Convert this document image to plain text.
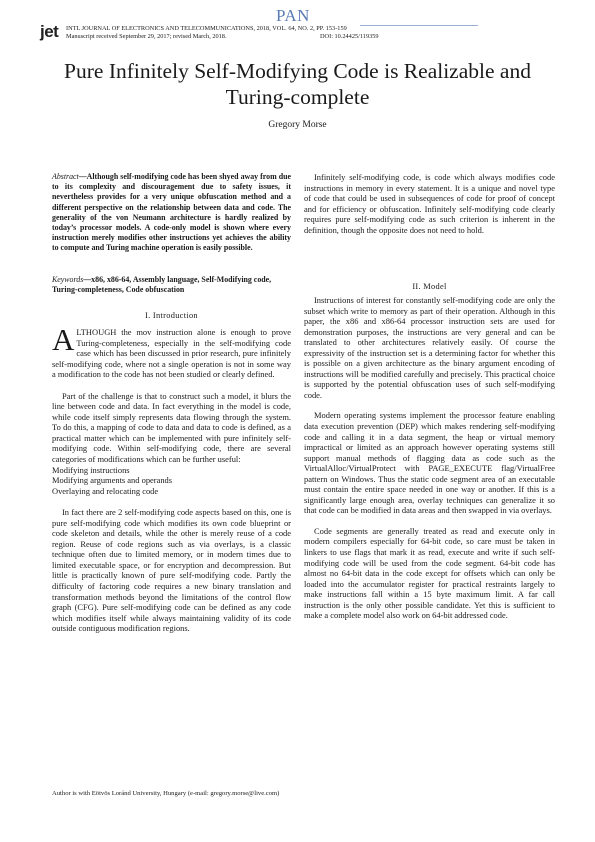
jet INTL JOURNAL OF ELECTRONICS AND TELECOMMUNICATIONS, 2018, VOL. 64, NO. 2, PP. 153-159
PAN
Manuscript received September 29, 2017; revised March, 2018.	DOI: 10.24425/119359
Pure Infinitely Self-Modifying Code is Realizable and Turing-complete
Gregory Morse
Abstract—Although self-modifying code has been shyed away from due to its complexity and discouragement due to safety issues, it nevertheless provides for a very unique obfuscation method and a different perspective on the relationship between data and code. The generality of the von Neumann architecture is hardly realized by today’s processor models. A code-only model is shown where every instruction merely modifies other instructions yet achieves the ability to compute and Turing machine operation is easily possible.
Keywords—x86, x86-64, Assembly language, Self-Modifying code, Turing-completeness, Code obfuscation
I. Introduction

ALTHOUGH the mov instruction alone is enough to prove Turing-completeness, especially in the self-modifying code case which has been discussed in prior research, pure infinitely self-modifying code, where not a single operation is not in some way a modification to the code has not been studied or clearly defined.

Part of the challenge is that to construct such a model, it blurs the line between code and data. In fact everything in the model is code, while code itself simply represents data flowing through the system. To do this, a mapping of code to data and data to code is defined, as a practical matter which can be implemented with pure infinitely self-modifying code. Within self-modifying code, there are several categories of modifications which can be further useful:

Modifying instructions
Modifying arguments and operands
Overlaying and relocating code

In fact there are 2 self-modifying code aspects based on this, one is pure self-modifying code which modifies its own code blueprint or code skeleton and details, while the other is merely reuse of a code region. Reuse of code regions such as via overlays, is a classic technique often due to limited memory, or in modern times due to limited executable space, or for encryption and decompression. But little is practically known of pure self-modifying code. Partly the difficulty of factoring code requires a new binary translation and transformation methods beyond the limitations of the control flow graph (CFG). Pure self-modifying code can be defined as any code which modifies itself while always maintaining validity of its code outside contiguous modification regions.

Author is with Eötvös Loránd University, Hungary (e-mail: gregory.morse@live.com)

Infinitely self-modifying code, is code which always modifies code instructions in memory in every statement. It is a unique and novel type of code that could be used in subsequences of code for proof of concept and for efficiency or obfuscation. Infinitely self-modifying code clearly requires pure self-modifying code as such criterion is inherent in the definition, though the opposite does not need to hold.

II. Model

Instructions of interest for constantly self-modifying code are only the subset which write to memory as part of their operation. Although in this paper, the x86 and x86-64 processor instruction sets are used for demonstration purposes, the instructions are very general and can be translated to other architectures relatively easily. Of course the expressivity of the instruction set is a determining factor for whether this is possible on a given architecture as the binary argument encoding of instructions will be modified carefully and precisely. This practical choice is supported by the potential obfuscation uses of such self-modifying code.

Modern operating systems implement the processor feature enabling data execution prevention (DEP) which makes rendering self-modifying code and calling it in a data segment, the heap or virtual memory impractical or limited as an approach however operating systems still support manual methods of flagging data as code such as the VirtualAlloc/VirtualProtect with PAGE_EXECUTE flag/VirtualFree pattern on Windows. Thus the static code segment area of an executable must contain the entire space needed in one way or another. If this is a significantly large enough area, overlay techniques can generalize it so that code can be modified in data areas and then swapped in via overlays.

Code segments are generally treated as read and execute only in modern compilers especially for 64-bit code, so care must be taken in linkers to use flags that mark it as read, execute and write if such self-modifying code will be used from the code segment. 64-bit code has almost no 64-bit data in the code except for offsets which can only be loaded into the accumulator register for practical restraints largely to make instructions fall within a 15 byte maximum limit. A far call instruction is the only other possible candidate. Yet this is sufficient to make a complete model also work on 64-bit addressed code.
